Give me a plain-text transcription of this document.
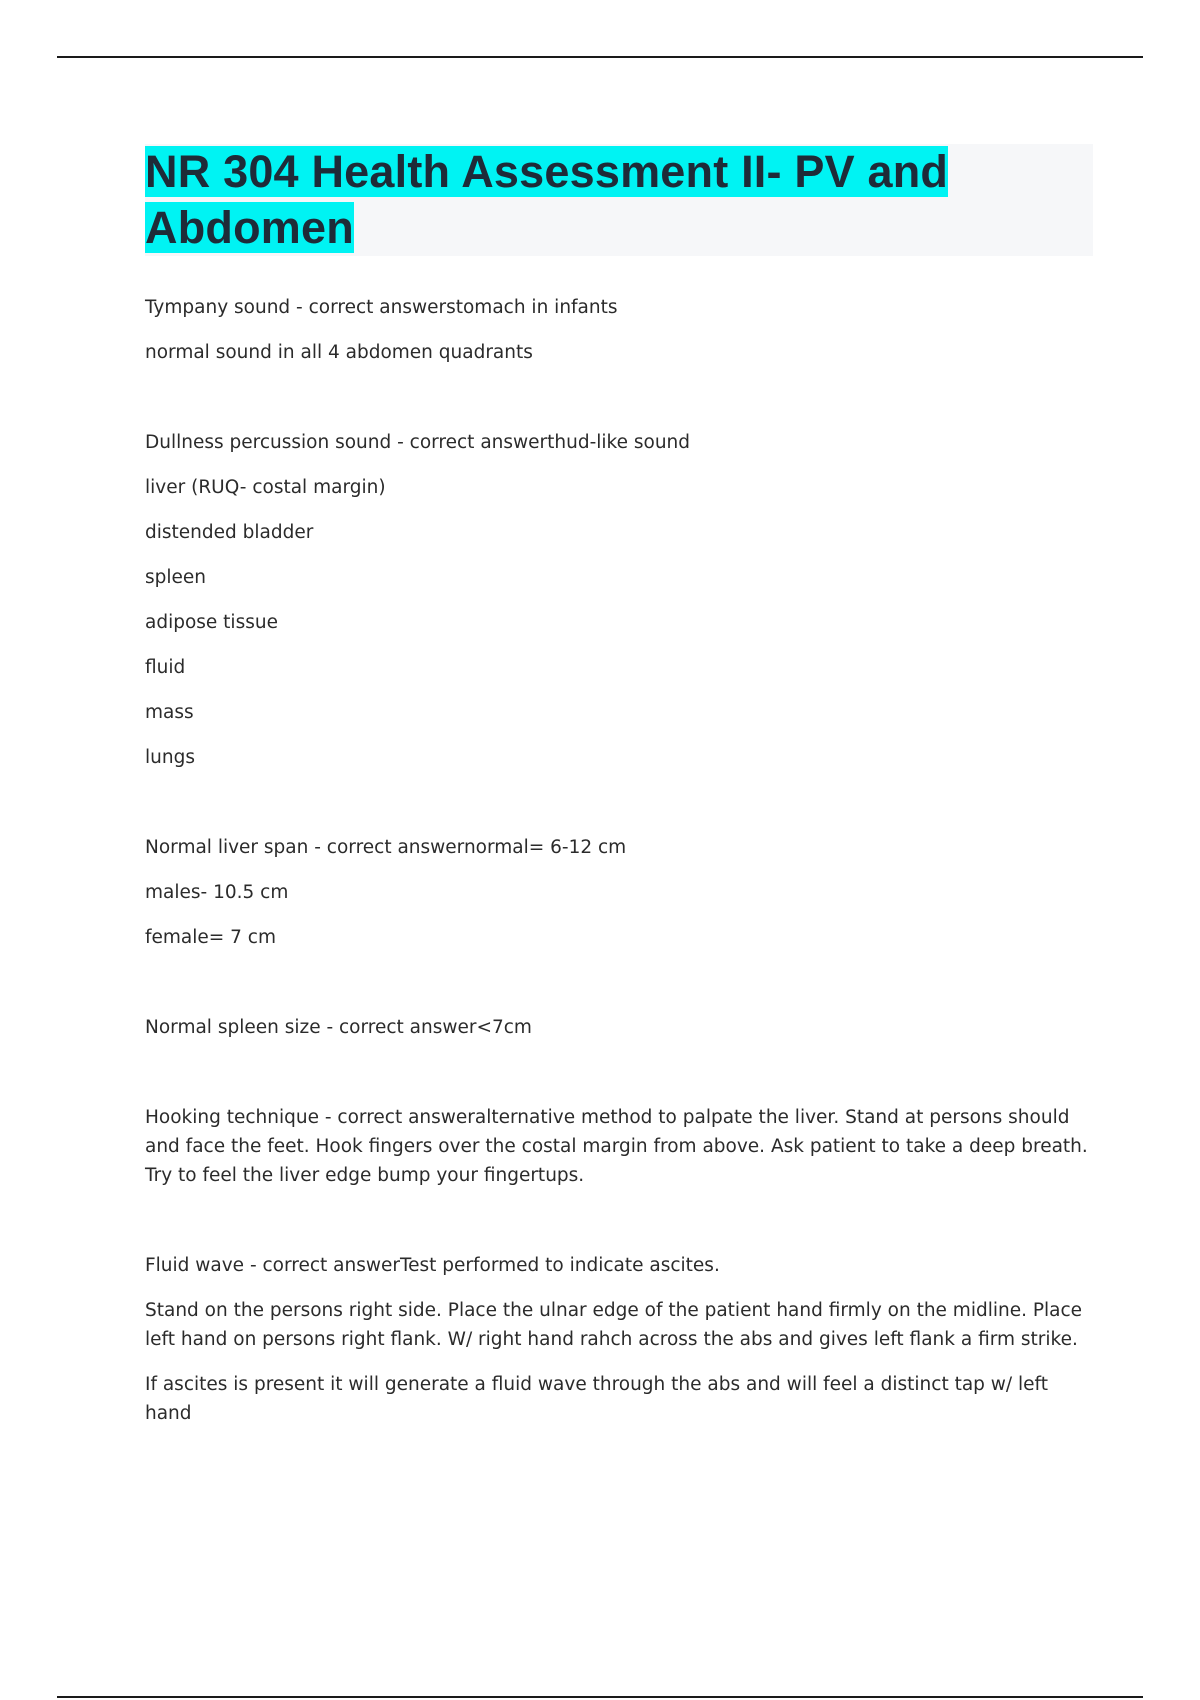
NR 304 Health Assessment II- PV and Abdomen

Tympany sound - correct answerstomach in infants

normal sound in all 4 abdomen quadrants

Dullness percussion sound - correct answerthud-like sound

liver (RUQ- costal margin)

distended bladder

spleen

adipose tissue

fluid

mass

lungs

Normal liver span - correct answernormal= 6-12 cm

males- 10.5 cm

female= 7 cm

Normal spleen size - correct answer<7cm

Hooking technique - correct answeralternative method to palpate the liver. Stand at persons should and face the feet. Hook fingers over the costal margin from above. Ask patient to take a deep breath. Try to feel the liver edge bump your fingertups.

Fluid wave - correct answerTest performed to indicate ascites.

Stand on the persons right side. Place the ulnar edge of the patient hand firmly on the midline. Place left hand on persons right flank. W/ right hand rahch across the abs and gives left flank a firm strike.

If ascites is present it will generate a fluid wave through the abs and will feel a distinct tap w/ left hand
